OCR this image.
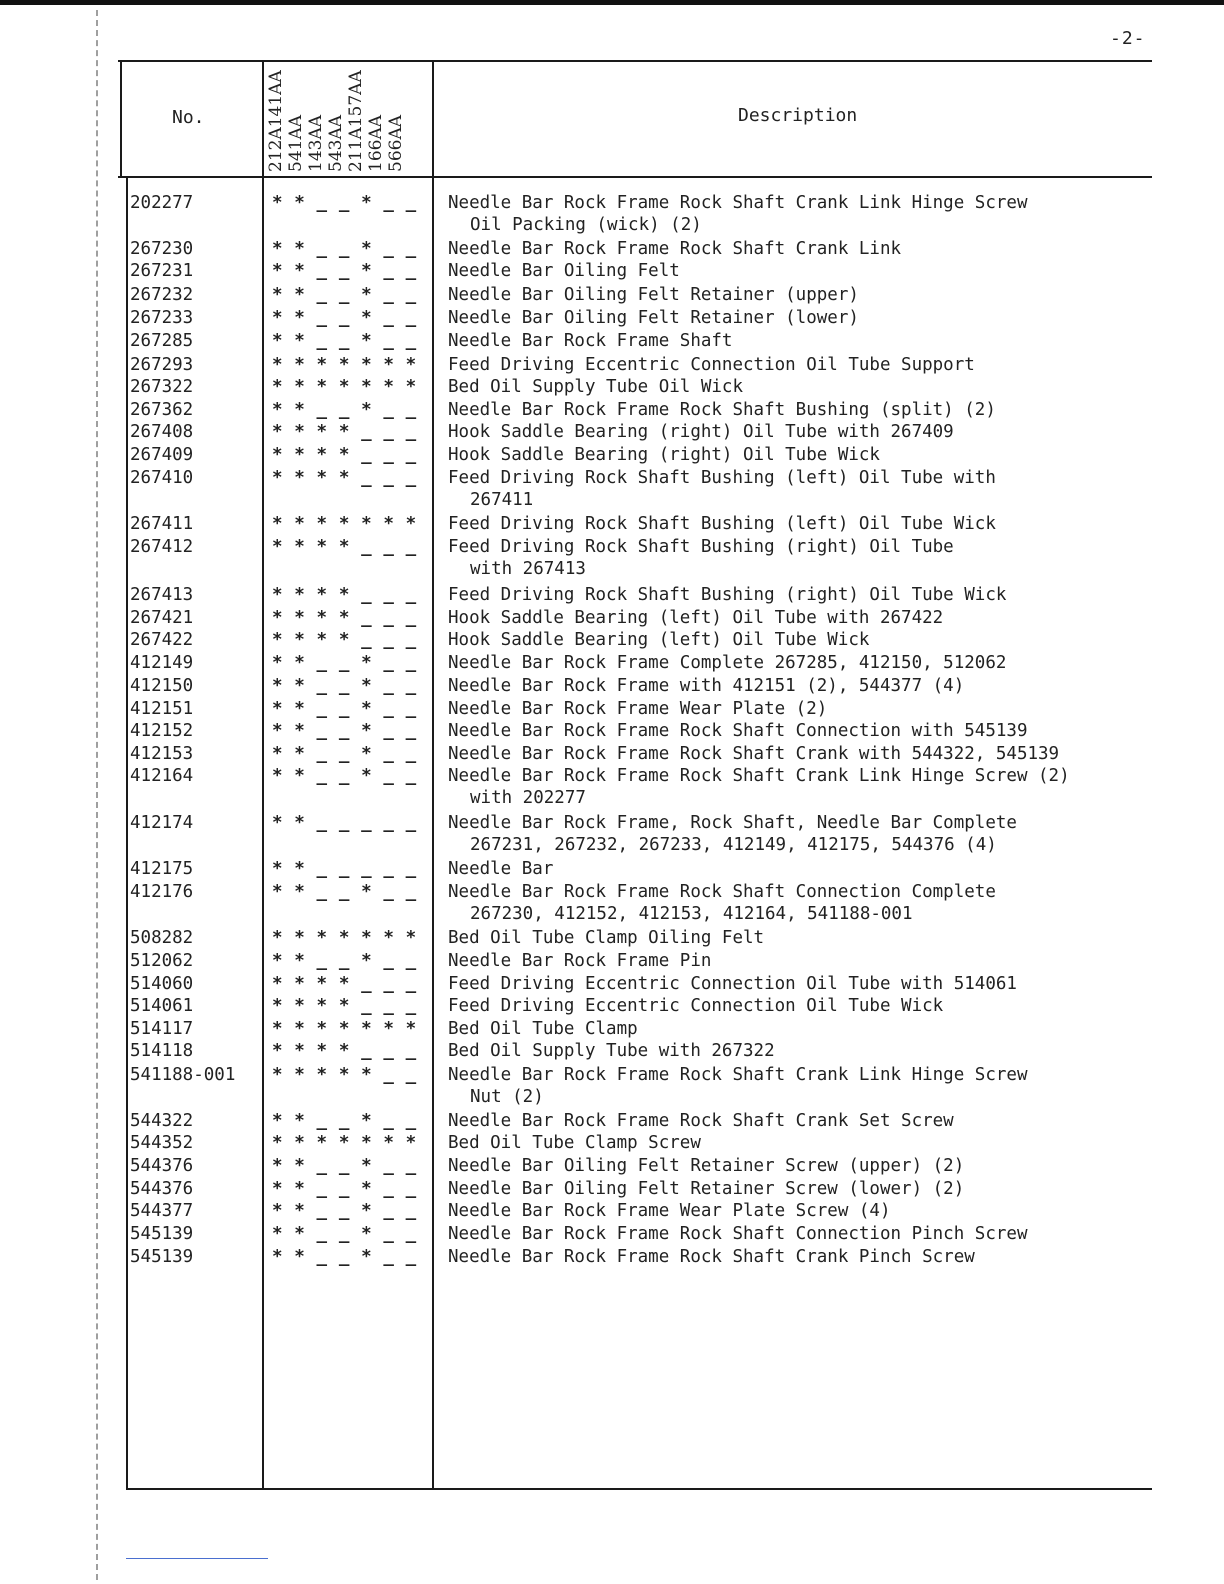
-2-
No.	Description
212A141AA 541AA 143AA 543AA 211A157AA 166AA 566AA
202277	* * _ _ * _ _ Needle Bar Rock Frame Rock Shaft Crank Link Hinge Screw
Oil Packing (wick) (2)
267230	* * _ _ * _ _ Needle Bar Rock Frame Rock Shaft Crank Link
267231	* * _ _ * _ _ Needle Bar Oiling Felt
267232	* * _ _ * _ _ Needle Bar Oiling Felt Retainer (upper)
267233	* * _ _ * _ _ Needle Bar Oiling Felt Retainer (lower)
267285	* * _ _ * _ _ Needle Bar Rock Frame Shaft
267293	* * * * * * * Feed Driving Eccentric Connection Oil Tube Support
267322	* * * * * * * Bed Oil Supply Tube Oil Wick
267362	* * _ _ * _ _ Needle Bar Rock Frame Rock Shaft Bushing (split) (2)
267408	* * * * _ _ _ Hook Saddle Bearing (right) Oil Tube with 267409
267409	* * * * _ _ _ Hook Saddle Bearing (right) Oil Tube Wick
267410	* * * * _ _ _ Feed Driving Rock Shaft Bushing (left) Oil Tube with
267411
267411	* * * * * * * Feed Driving Rock Shaft Bushing (left) Oil Tube Wick
267412	* * * * _ _ _ Feed Driving Rock Shaft Bushing (right) Oil Tube
with 267413
267413	* * * * _ _ _ Feed Driving Rock Shaft Bushing (right) Oil Tube Wick
267421	* * * * _ _ _ Hook Saddle Bearing (left) Oil Tube with 267422
267422	* * * * _ _ _ Hook Saddle Bearing (left) Oil Tube Wick
412149	* * _ _ * _ _ Needle Bar Rock Frame Complete 267285, 412150, 512062
412150	* * _ _ * _ _ Needle Bar Rock Frame with 412151 (2), 544377 (4)
412151	* * _ _ * _ _ Needle Bar Rock Frame Wear Plate (2)
412152	* * _ _ * _ _ Needle Bar Rock Frame Rock Shaft Connection with 545139
412153	* * _ _ * _ _ Needle Bar Rock Frame Rock Shaft Crank with 544322, 545139
412164	* * _ _ * _ _ Needle Bar Rock Frame Rock Shaft Crank Link Hinge Screw (2)
with 202277
412174	* * _ _ _ _ _ Needle Bar Rock Frame, Rock Shaft, Needle Bar Complete
267231, 267232, 267233, 412149, 412175, 544376 (4)
412175	* * _ _ _ _ _ Needle Bar
412176	* * _ _ * _ _ Needle Bar Rock Frame Rock Shaft Connection Complete
267230, 412152, 412153, 412164, 541188-001
508282	* * * * * * * Bed Oil Tube Clamp Oiling Felt
512062	* * _ _ * _ _ Needle Bar Rock Frame Pin
514060	* * * * _ _ _ Feed Driving Eccentric Connection Oil Tube with 514061
514061	* * * * _ _ _ Feed Driving Eccentric Connection Oil Tube Wick
514117	* * * * * * * Bed Oil Tube Clamp
514118	* * * * _ _ _ Bed Oil Supply Tube with 267322
541188-001 * * * * * _ _ Needle Bar Rock Frame Rock Shaft Crank Link Hinge Screw
Nut (2)
544322	* * _ _ * _ _ Needle Bar Rock Frame Rock Shaft Crank Set Screw
544352	* * * * * * * Bed Oil Tube Clamp Screw
544376	* * _ _ * _ _ Needle Bar Oiling Felt Retainer Screw (upper) (2)
544376	* * _ _ * _ _ Needle Bar Oiling Felt Retainer Screw (lower) (2)
544377	* * _ _ * _ _ Needle Bar Rock Frame Wear Plate Screw (4)
545139	* * _ _ * _ _ Needle Bar Rock Frame Rock Shaft Connection Pinch Screw
545139	* * _ _ * _ _ Needle Bar Rock Frame Rock Shaft Crank Pinch Screw
